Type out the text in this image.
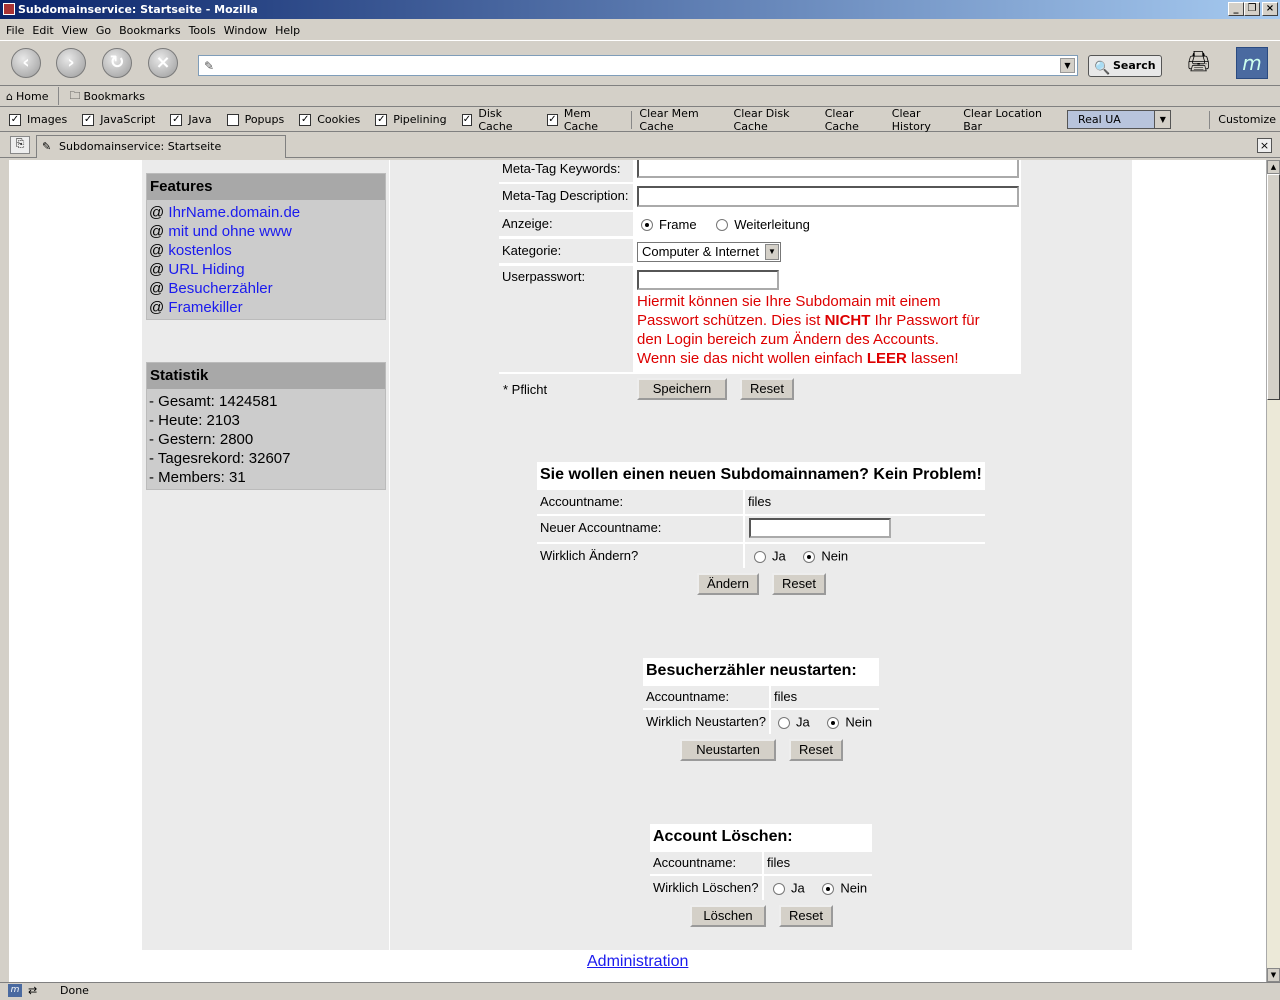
Subdomainservice: Startseite - Mozilla	_ ❐ ×
File Edit View Go Bookmarks Tools Window Help
‹	›	↻	×	✎	▼	🔍 Search	🖨	m
⌂ Home 🗀 Bookmarks
✓ Images ✓ JavaScript ✓ Java	Popups ✓ Cookies ✓ Pipelining ✓ Disk Cache
✓ Mem Cache
Clear Mem Cache
Clear Disk Cache
Clear Cache
Clear History
Clear Location Bar	Real UA	▼	Customize
⎘	✎ Subdomainservice: Startseite	×
Features
@ IhrName.domain.de
@ mit und ohne www
@ kostenlos
@ URL Hiding
@ Besucherzähler
@ Framekiller
Statistik
- Gesamt: 1424581
- Heute: 2103
- Gestern: 2800
- Tagesrekord: 32607
- Members: 31
Meta-Tag Keywords:
Meta-Tag Description:
Anzeige:	Frame	Weiterleitung
Kategorie:	Computer & Internet	▼
Userpasswort:
Hiermit können sie Ihre Subdomain mit einem
Passwort schützen. Dies ist NICHT Ihr Passwort für
den Login bereich zum Ändern des Accounts.
Wenn sie das nicht wollen einfach LEER lassen!
* Pflicht	Speichern	Reset
Sie wollen einen neuen Subdomainnamen? Kein Problem!
Accountname:	files
Neuer Accountname:
Wirklich Ändern?	Ja	Nein
Ändern	Reset
Besucherzähler neustarten:
Accountname:	files
Wirklich Neustarten?	Ja	Nein
Neustarten	Reset
Account Löschen:
Accountname:	files
Wirklich Löschen?	Ja	Nein
Löschen	Reset
Administration
▲
▼
m ⇄ Done
